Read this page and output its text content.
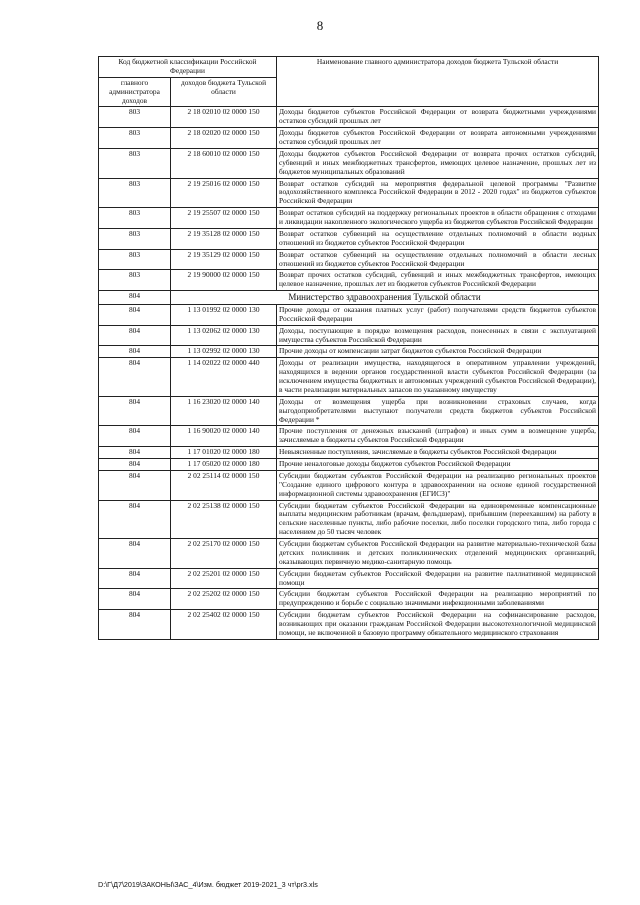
8
Код бюджетной классификации Российской Федерации		Наименование главного администратора доходов бюджета Тульской области
главного администратора доходов	доходов бюджета Тульской области	
803	2 18 02010 02 0000 150	Доходы бюджетов субъектов Российской Федерации от возврата бюджетными учреждениями остатков субсидий прошлых лет
803	2 18 02020 02 0000 150	Доходы бюджетов субъектов Российской Федерации от возврата автономными учреждениями остатков субсидий прошлых лет
803	2 18 60010 02 0000 150	Доходы бюджетов субъектов Российской Федерации от возврата прочих остатков субсидий, субвенций и иных межбюджетных трансфертов, имеющих целевое назначение, прошлых лет из бюджетов муниципальных образований
803	2 19 25016 02 0000 150	Возврат остатков субсидий на мероприятия федеральной целевой программы "Развитие водохозяйственного комплекса Российской Федерации в 2012 - 2020 годах" из бюджетов субъектов Российской Федерации
803	2 19 25507 02 0000 150	Возврат остатков субсидий на поддержку региональных проектов в области обращения с отходами и ликвидации накопленного экологического ущерба из бюджетов субъектов Российской Федерации
803	2 19 35128 02 0000 150	Возврат остатков субвенций на осуществление отдельных полномочий в области водных отношений из бюджетов субъектов Российской Федерации
803	2 19 35129 02 0000 150	Возврат остатков субвенций на осуществление отдельных полномочий в области лесных отношений из бюджетов субъектов Российской Федерации
803	2 19 90000 02 0000 150	Возврат прочих остатков субсидий, субвенций и иных межбюджетных трансфертов, имеющих целевое назначение, прошлых лет из бюджетов субъектов Российской Федерации
804	Министерство здравоохранения Тульской области	
804	1 13 01992 02 0000 130	Прочие доходы от оказания платных услуг (работ) получателями средств бюджетов субъектов Российской Федерации
804	1 13 02062 02 0000 130	Доходы, поступающие в порядке возмещения расходов, понесенных в связи с эксплуатацией имущества субъектов Российской Федерации
804	1 13 02992 02 0000 130	Прочие доходы от компенсации затрат бюджетов субъектов Российской Федерации
804	1 14 02022 02 0000 440	Доходы от реализации имущества, находящегося в оперативном управлении учреждений, находящихся в ведении органов государственной власти субъектов Российской Федерации (за исключением имущества бюджетных и автономных учреждений субъектов Российской Федерации), в части реализации материальных запасов по указанному имуществу
804	1 16 23020 02 0000 140	Доходы от возмещения ущерба при возникновении страховых случаев, когда выгодоприобретателями выступают получатели средств бюджетов субъектов Российской Федерации *
804	1 16 90020 02 0000 140	Прочие поступления от денежных взысканий (штрафов) и иных сумм в возмещение ущерба, зачисляемые в бюджеты субъектов Российской Федерации
804	1 17 01020 02 0000 180	Невыясненные поступления, зачисляемые в бюджеты субъектов Российской Федерации
804	1 17 05020 02 0000 180	Прочие неналоговые доходы бюджетов субъектов Российской Федерации
804	2 02 25114 02 0000 150	Субсидии бюджетам субъектов Российской Федерации на реализацию региональных проектов "Создание единого цифрового контура в здравоохранении на основе единой государственной информационной системы здравоохранения (ЕГИСЗ)"
804	2 02 25138 02 0000 150	Субсидии бюджетам субъектов Российской Федерации на единовременные компенсационные выплаты медицинским работникам (врачам, фельдшерам), прибывшим (переехавшим) на работу в сельские населенные пункты, либо рабочие поселки, либо поселки городского типа, либо города с населением до 50 тысяч человек
804	2 02 25170 02 0000 150	Субсидии бюджетам субъектов Российской Федерации на развитие материально-технической базы детских поликлиник и детских поликлинических отделений медицинских организаций, оказывающих первичную медико-санитарную помощь
804	2 02 25201 02 0000 150	Субсидии бюджетам субъектов Российской Федерации на развитие паллиативной медицинской помощи
804	2 02 25202 02 0000 150	Субсидии бюджетам субъектов Российской Федерации на реализацию мероприятий по предупреждению и борьбе с социально значимыми инфекционными заболеваниями
804	2 02 25402 02 0000 150	Субсидии бюджетам субъектов Российской Федерации на софинансирование расходов, возникающих при оказании гражданам Российской Федерации высокотехнологичной медицинской помощи, не включенной в базовую программу обязательного медицинского страхования
D:\Г\Д7\2019\ЗАКОНЫ\ЗАС_4\Изм. бюджет 2019-2021_3 чт\pr3.xls
